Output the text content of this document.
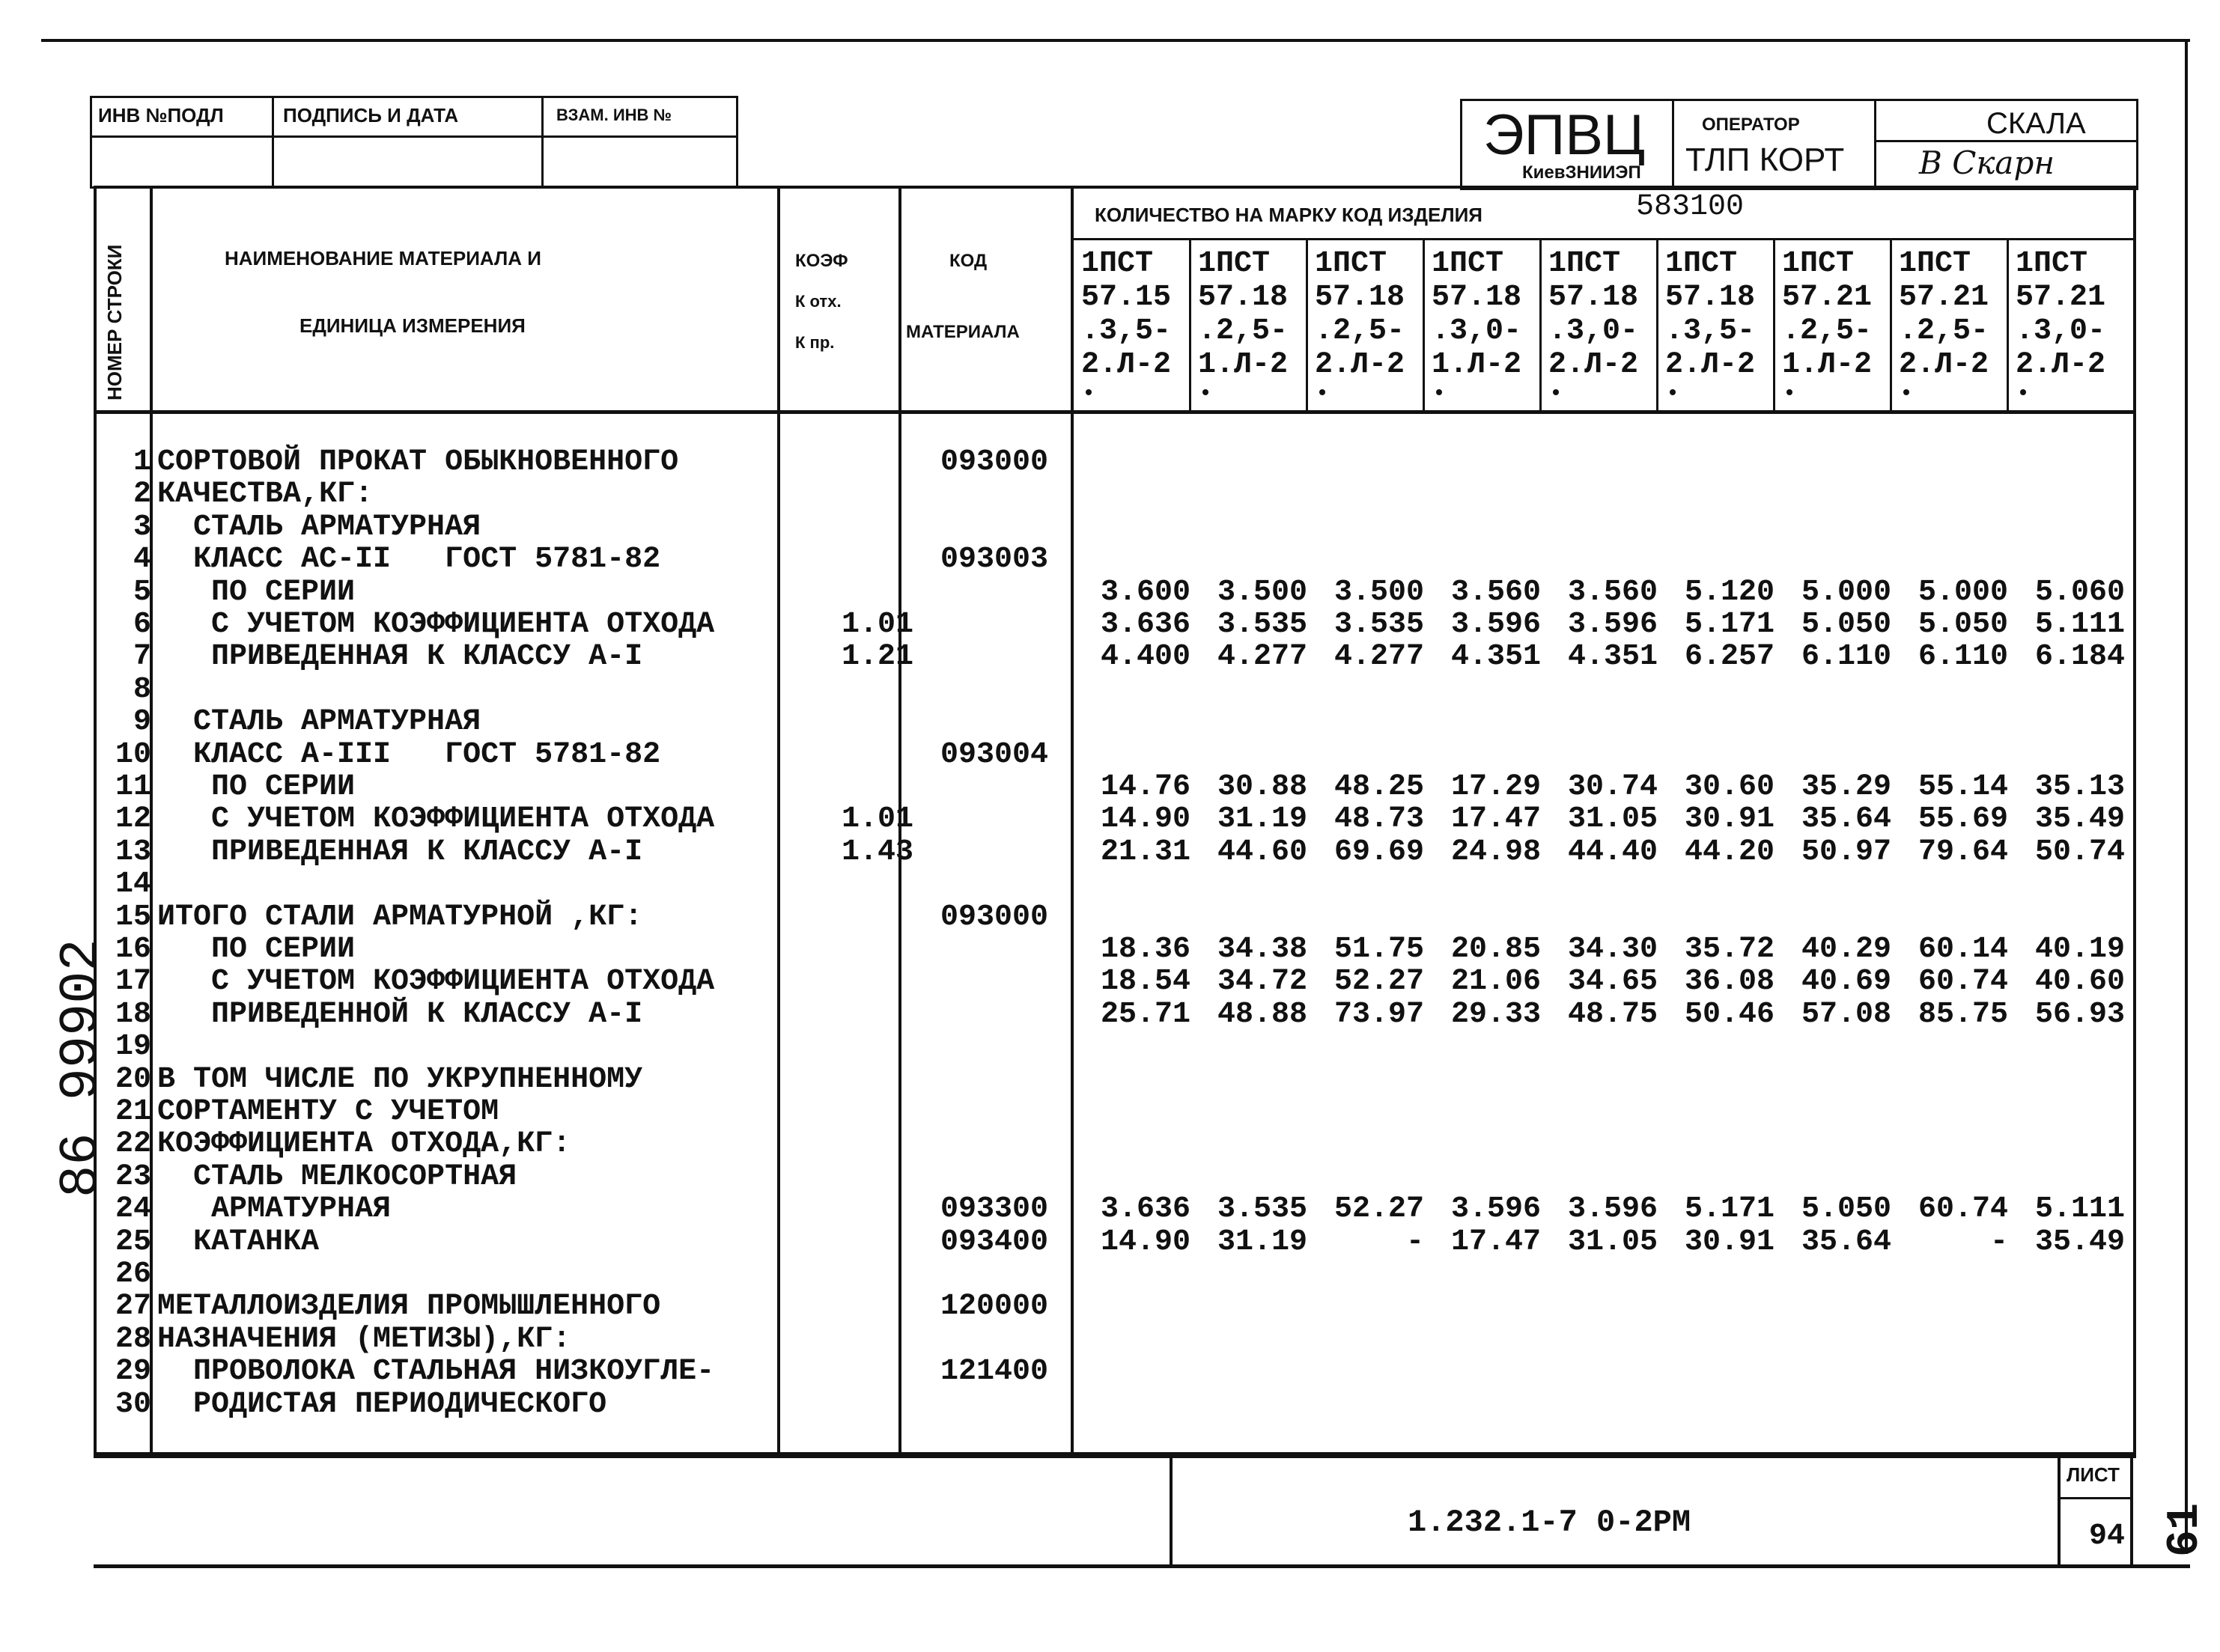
ИНВ №ПОДЛ	ПОДПИСЬ И ДАТА	ВЗАМ. ИНВ №	ЭПВЦ
КиевЗНИИЭП
ОПЕРАТОР
ТЛП КОРТ
СКАЛА
В Скарн
НОМЕР СТРОКИ	НАИМЕНОВАНИЕ МАТЕРИАЛА И
ЕДИНИЦА ИЗМЕРЕНИЯ
КОЭФ
К отх.
К пр.
КОД
МАТЕРИАЛА
КОЛИЧЕСТВО НА МАРКУ КОД ИЗДЕЛИЯ	583100
1ПСТ
57.15
.3,5-
2.Л-2
1ПСТ
57.18
.2,5-
1.Л-2
1ПСТ
57.18
.2,5-
2.Л-2
1ПСТ
57.18
.3,0-
1.Л-2
1ПСТ
57.18
.3,0-
2.Л-2
1ПСТ
57.18
.3,5-
2.Л-2
1ПСТ
57.21
.2,5-
1.Л-2
1ПСТ
57.21
.2,5-
2.Л-2
1ПСТ
57.21
.3,0-
2.Л-2
1 СОРТОВОЙ ПРОКАТ ОБЫКНОВЕННОГО	093000
2 КАЧЕСТВА,КГ:
3 СТАЛЬ АРМАТУРНАЯ
4 КЛАСС АС-II   ГОСТ 5781-82	093003
5 ПО СЕРИИ	3.600 3.500 3.500 3.560 3.560 5.120 5.000 5.000 5.060
6 С УЧЕТОМ КОЭФФИЦИЕНТА ОТХОДА	1.01	3.636 3.535 3.535 3.596 3.596 5.171 5.050 5.050 5.111
7 ПРИВЕДЕННАЯ К КЛАССУ А-I	1.21	4.400 4.277 4.277 4.351 4.351 6.257 6.110 6.110 6.184
8
9 СТАЛЬ АРМАТУРНАЯ
10 КЛАСС А-III   ГОСТ 5781-82	093004
11 ПО СЕРИИ	14.76 30.88 48.25 17.29 30.74 30.60 35.29 55.14 35.13
12 С УЧЕТОМ КОЭФФИЦИЕНТА ОТХОДА	1.01	14.90 31.19 48.73 17.47 31.05 30.91 35.64 55.69 35.49
13 ПРИВЕДЕННАЯ К КЛАССУ А-I	1.43	21.31 44.60 69.69 24.98 44.40 44.20 50.97 79.64 50.74
14
15 ИТОГО СТАЛИ АРМАТУРНОЙ ,КГ:	093000
16 ПО СЕРИИ	18.36 34.38 51.75 20.85 34.30 35.72 40.29 60.14 40.19
17 С УЧЕТОМ КОЭФФИЦИЕНТА ОТХОДА	18.54 34.72 52.27 21.06 34.65 36.08 40.69 60.74 40.60
18 ПРИВЕДЕННОЙ К КЛАССУ А-I	25.71 48.88 73.97 29.33 48.75 50.46 57.08 85.75 56.93
19
20 В ТОМ ЧИСЛЕ ПО УКРУПНЕННОМУ
21 СОРТАМЕНТУ С УЧЕТОМ
22 КОЭФФИЦИЕНТА ОТХОДА,КГ:
23 СТАЛЬ МЕЛКОСОРТНАЯ
24 АРМАТУРНАЯ	093300	3.636 3.535 52.27 3.596 3.596 5.171 5.050 60.74 5.111
25 КАТАНКА	093400	14.90 31.19	- 17.47 31.05 30.91 35.64	- 35.49
26
27 МЕТАЛЛОИЗДЕЛИЯ ПРОМЫШЛЕННОГО	120000
28 НАЗНАЧЕНИЯ (МЕТИЗЫ),КГ:
29 ПРОВОЛОКА СТАЛЬНАЯ НИЗКОУГЛЕ-	121400
30 РОДИСТАЯ ПЕРИОДИЧЕСКОГО
1.232.1-7 0-2РМ
ЛИСТ
94 61
86 99902
